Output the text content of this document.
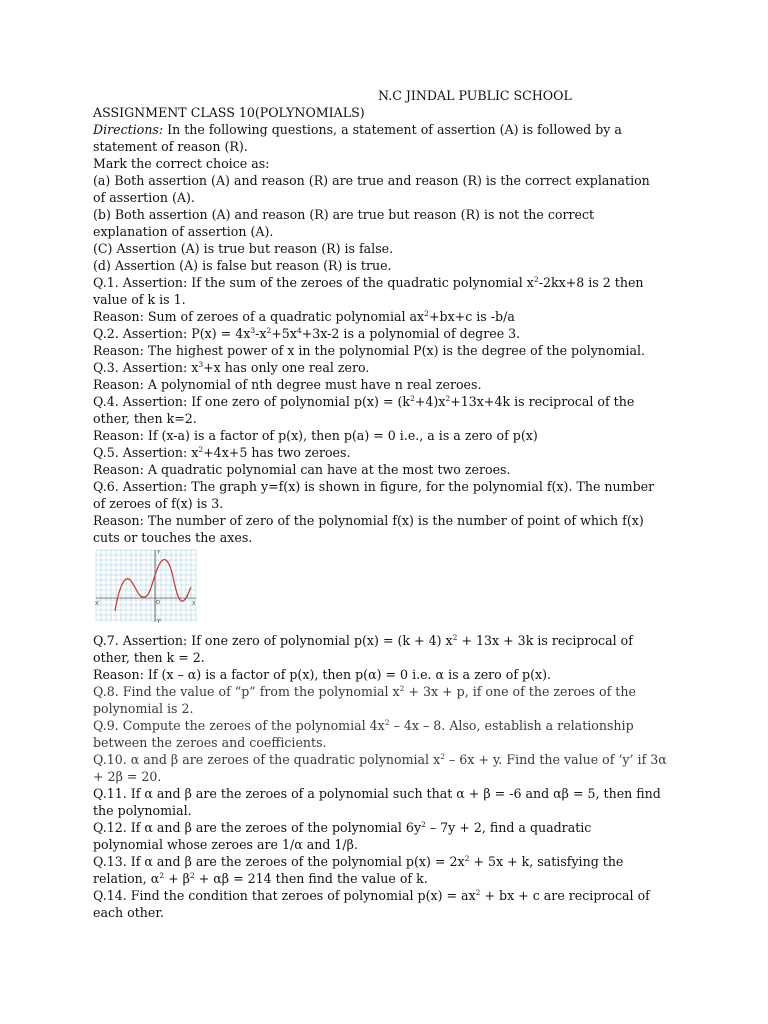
N.C JINDAL PUBLIC SCHOOL
ASSIGNMENT CLASS 10(POLYNOMIALS)
Directions: In the following questions, a statement of assertion (A) is followed by a
statement of reason (R).
Mark the correct choice as:
(a) Both assertion (A) and reason (R) are true and reason (R) is the correct explanation
of assertion (A).
(b) Both assertion (A) and reason (R) are true but reason (R) is not the correct
explanation of assertion (A).
(C) Assertion (A) is true but reason (R) is false.
(d) Assertion (A) is false but reason (R) is true.
Q.1. Assertion: If the sum of the zeroes of the quadratic polynomial $x^2-2kx+8$ is 2 then
value of k is 1.
Reason: Sum of zeroes of a quadratic polynomial $ax^2+bx+c$ is -b/a
Q.2. Assertion: $P(x) = 4x^3-x^2+5x^4+3x-2$ is a polynomial of degree 3.
Reason: The highest power of x in the polynomial P(x) is the degree of the polynomial.
Q.3. Assertion: $x^3+x$ has only one real zero.
Reason: A polynomial of nth degree must have n real zeroes.
Q.4. Assertion: If one zero of polynomial $p(x) = (k^2+4)x^2+13x+4k$ is reciprocal of the
other, then k=2.
Reason: If (x-a) is a factor of p(x), then p(a) = 0 i.e., a is a zero of p(x)
Q.5. Assertion: $x^2+4x+5$ has two zeroes.
Reason: A quadratic polynomial can have at the most two zeroes.
Q.6. Assertion: The graph y=f(x) is shown in figure, for the polynomial f(x). The number
of zeroes of f(x) is 3.
Reason: The number of zero of the polynomial f(x) is the number of point of which f(x)
cuts or touches the axes.
X
X'
Y
Y'
O
Q.7. Assertion: If one zero of polynomial p(x) = (k + 4) $x^2 + 13x + 3k$ is reciprocal of
other, then k = 2.
Reason: If (x – α) is a factor of p(x), then p(α) = 0 i.e. α is a zero of p(x).
Q.8. Find the value of “p” from the polynomial $x^2 + 3x + p$, if one of the zeroes of the
polynomial is 2.
Q.9. Compute the zeroes of the polynomial $4x^2 - 4x - 8$. Also, establish a relationship
between the zeroes and coefficients.
Q.10. α and β are zeroes of the quadratic polynomial $x^2 - 6x + y$. Find the value of ‘y’ if 3α
+ 2β = 20.
Q.11. If α and β are the zeroes of a polynomial such that α + β = -6 and αβ = 5, then find
the polynomial.
Q.12. If α and β are the zeroes of the polynomial $6y^2 - 7y + 2$, find a quadratic
polynomial whose zeroes are 1/α and 1/β.
Q.13. If α and β are the zeroes of the polynomial $p(x) = 2x^2 + 5x + k$, satisfying the
relation, $\alpha^2 + \beta^2 + \alpha\beta = 214$ then find the value of k.
Q.14. Find the condition that zeroes of polynomial $p(x) = ax^2$ + bx + c are reciprocal of
each other.
